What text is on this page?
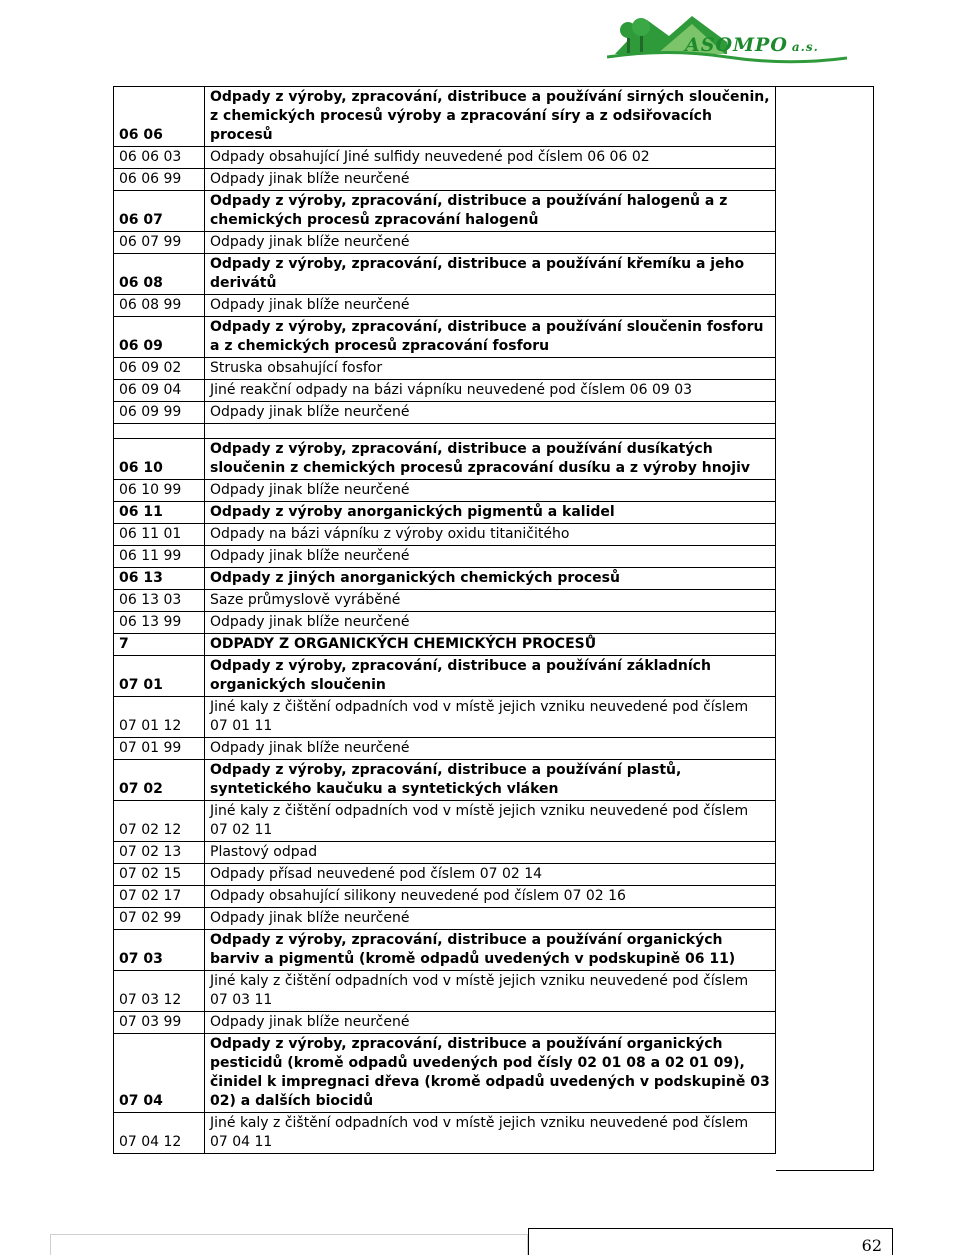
ASOMPO a.s.
06 06	Odpady z výroby, zpracování, distribuce a používání sirných sloučenin, z chemických procesů výroby a zpracování síry a z odsiřovacích procesů
06 06 03	Odpady obsahující Jiné sulfidy neuvedené pod číslem 06 06 02
06 06 99	Odpady jinak blíže neurčené
06 07	Odpady z výroby, zpracování, distribuce a používání halogenů a z chemických procesů zpracování halogenů
06 07 99	Odpady jinak blíže neurčené
06 08	Odpady z výroby, zpracování, distribuce a používání křemíku a jeho derivátů
06 08 99	Odpady jinak blíže neurčené
06 09	Odpady z výroby, zpracování, distribuce a používání sloučenin fosforu a z chemických procesů zpracování fosforu
06 09 02	Struska obsahující fosfor
06 09 04	Jiné reakční odpady na bázi vápníku neuvedené pod číslem 06 09 03
06 09 99	Odpady jinak blíže neurčené

06 10	Odpady z výroby, zpracování, distribuce a používání dusíkatých sloučenin z chemických procesů zpracování dusíku a z výroby hnojiv
06 10 99	Odpady jinak blíže neurčené
06 11	Odpady z výroby anorganických pigmentů a kalidel
06 11 01	Odpady na bázi vápníku z výroby oxidu titaničitého
06 11 99	Odpady jinak blíže neurčené
06 13	Odpady z jiných anorganických chemických procesů
06 13 03	Saze průmyslově vyráběné
06 13 99	Odpady jinak blíže neurčené
7	ODPADY Z ORGANICKÝCH CHEMICKÝCH PROCESŮ
07 01	Odpady z výroby, zpracování, distribuce a používání základních organických sloučenin
07 01 12	Jiné kaly z čištění odpadních vod v místě jejich vzniku neuvedené pod číslem 07 01 11
07 01 99	Odpady jinak blíže neurčené
07 02	Odpady z výroby, zpracování, distribuce a používání plastů, syntetického kaučuku a syntetických vláken
07 02 12	Jiné kaly z čištění odpadních vod v místě jejich vzniku neuvedené pod číslem 07 02 11
07 02 13	Plastový odpad
07 02 15	Odpady přísad neuvedené pod číslem 07 02 14
07 02 17	Odpady obsahující silikony neuvedené pod číslem 07 02 16
07 02 99	Odpady jinak blíže neurčené
07 03	Odpady z výroby, zpracování, distribuce a používání organických barviv a pigmentů (kromě odpadů uvedených v podskupině 06 11)
07 03 12	Jiné kaly z čištění odpadních vod v místě jejich vzniku neuvedené pod číslem 07 03 11
07 03 99	Odpady jinak blíže neurčené
07 04	Odpady z výroby, zpracování, distribuce a používání organických pesticidů (kromě odpadů uvedených pod čísly 02 01 08 a 02 01 09), činidel k impregnaci dřeva (kromě odpadů uvedených v podskupině 03 02) a dalších biocidů
07 04 12	Jiné kaly z čištění odpadních vod v místě jejich vzniku neuvedené pod číslem 07 04 11
62
